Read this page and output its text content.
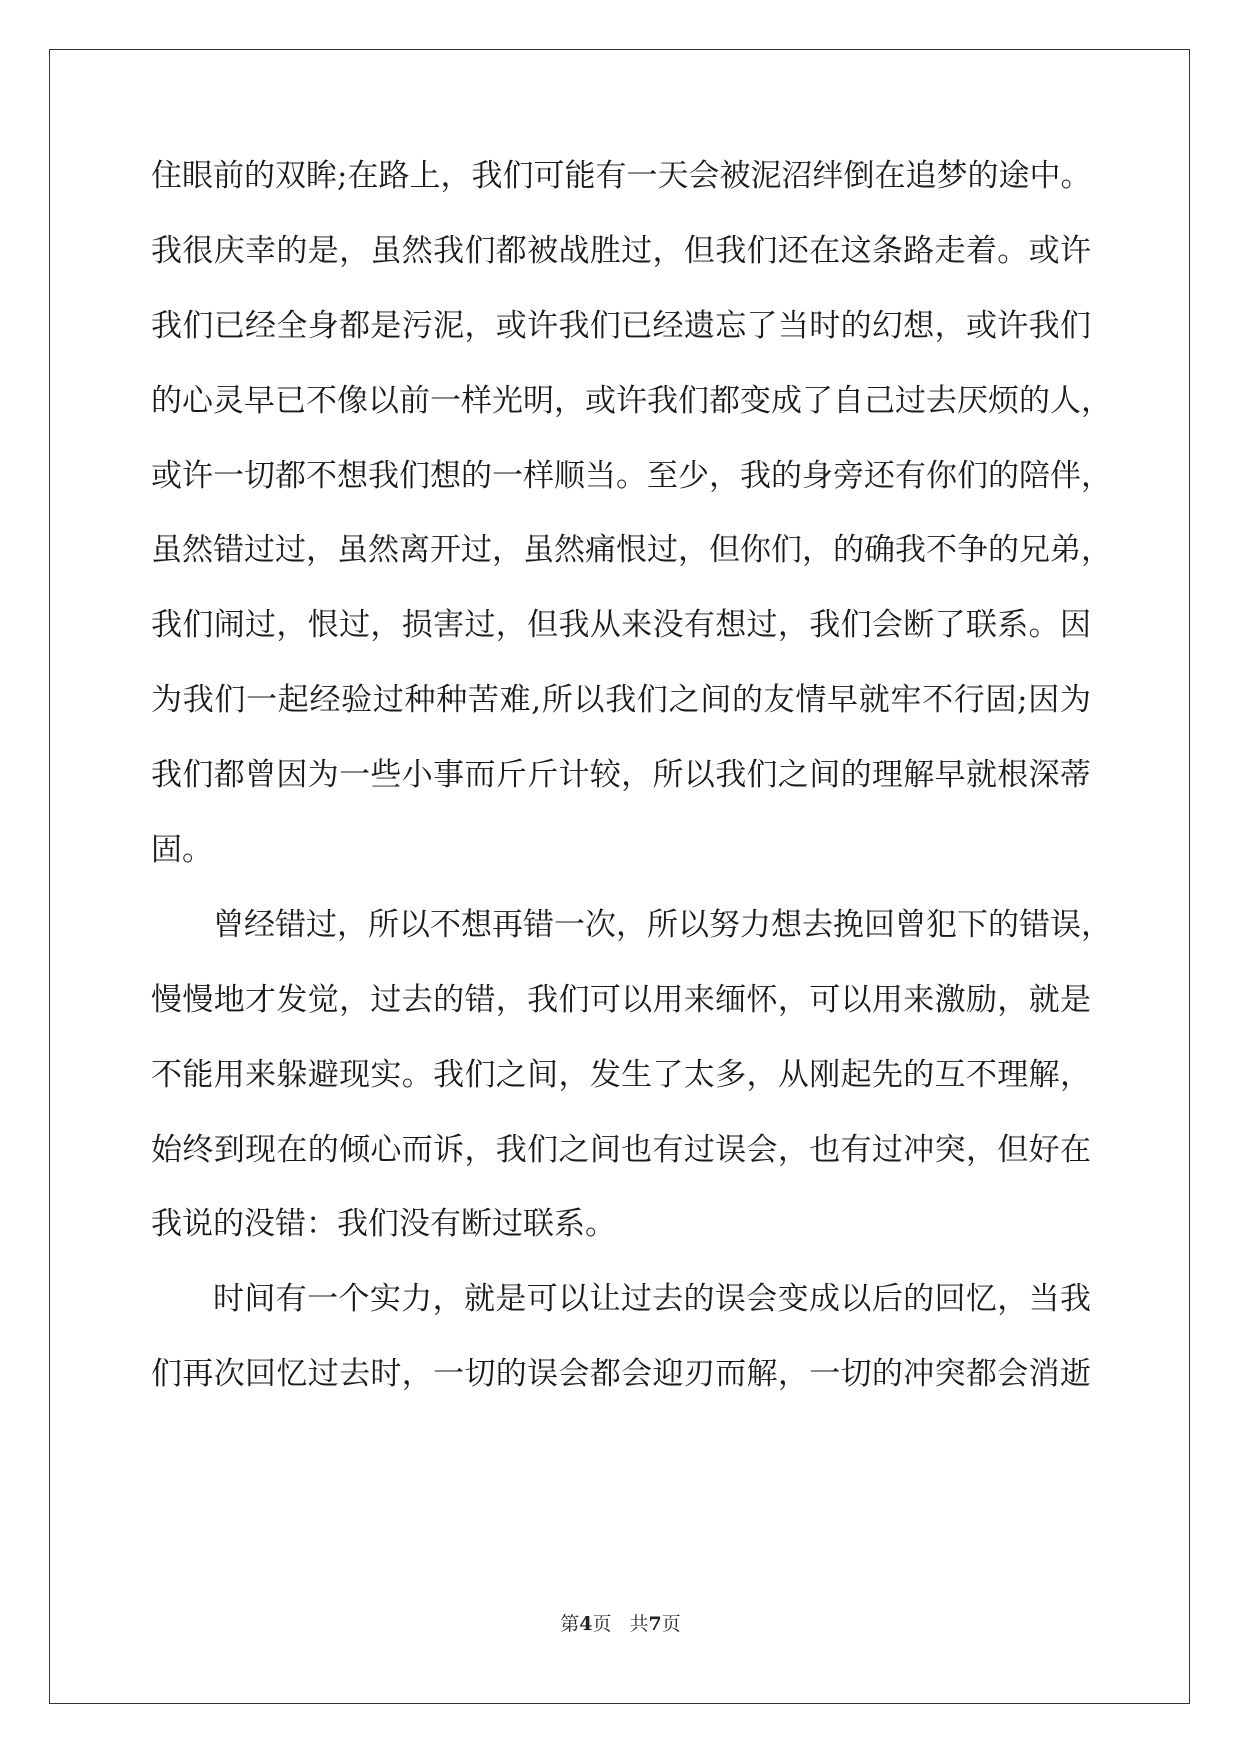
住眼前的双眸;在路上，我们可能有一天会被泥沼绊倒在追梦的途中。
我很庆幸的是，虽然我们都被战胜过，但我们还在这条路走着。或许
我们已经全身都是污泥，或许我们已经遗忘了当时的幻想，或许我们
的心灵早已不像以前一样光明，或许我们都变成了自己过去厌烦的人，
或许一切都不想我们想的一样顺当。至少，我的身旁还有你们的陪伴，
虽然错过过，虽然离开过，虽然痛恨过，但你们，的确我不争的兄弟，
我们闹过，恨过，损害过，但我从来没有想过，我们会断了联系。因
为我们一起经验过种种苦难,所以我们之间的友情早就牢不行固;因为
我们都曾因为一些小事而斤斤计较，所以我们之间的理解早就根深蒂
固。
曾经错过，所以不想再错一次，所以努力想去挽回曾犯下的错误，
慢慢地才发觉，过去的错，我们可以用来缅怀，可以用来激励，就是
不能用来躲避现实。我们之间，发生了太多，从刚起先的互不理解，
始终到现在的倾心而诉，我们之间也有过误会，也有过冲突，但好在
我说的没错：我们没有断过联系。
时间有一个实力，就是可以让过去的误会变成以后的回忆，当我
们再次回忆过去时，一切的误会都会迎刃而解，一切的冲突都会消逝
第4页 共7页
